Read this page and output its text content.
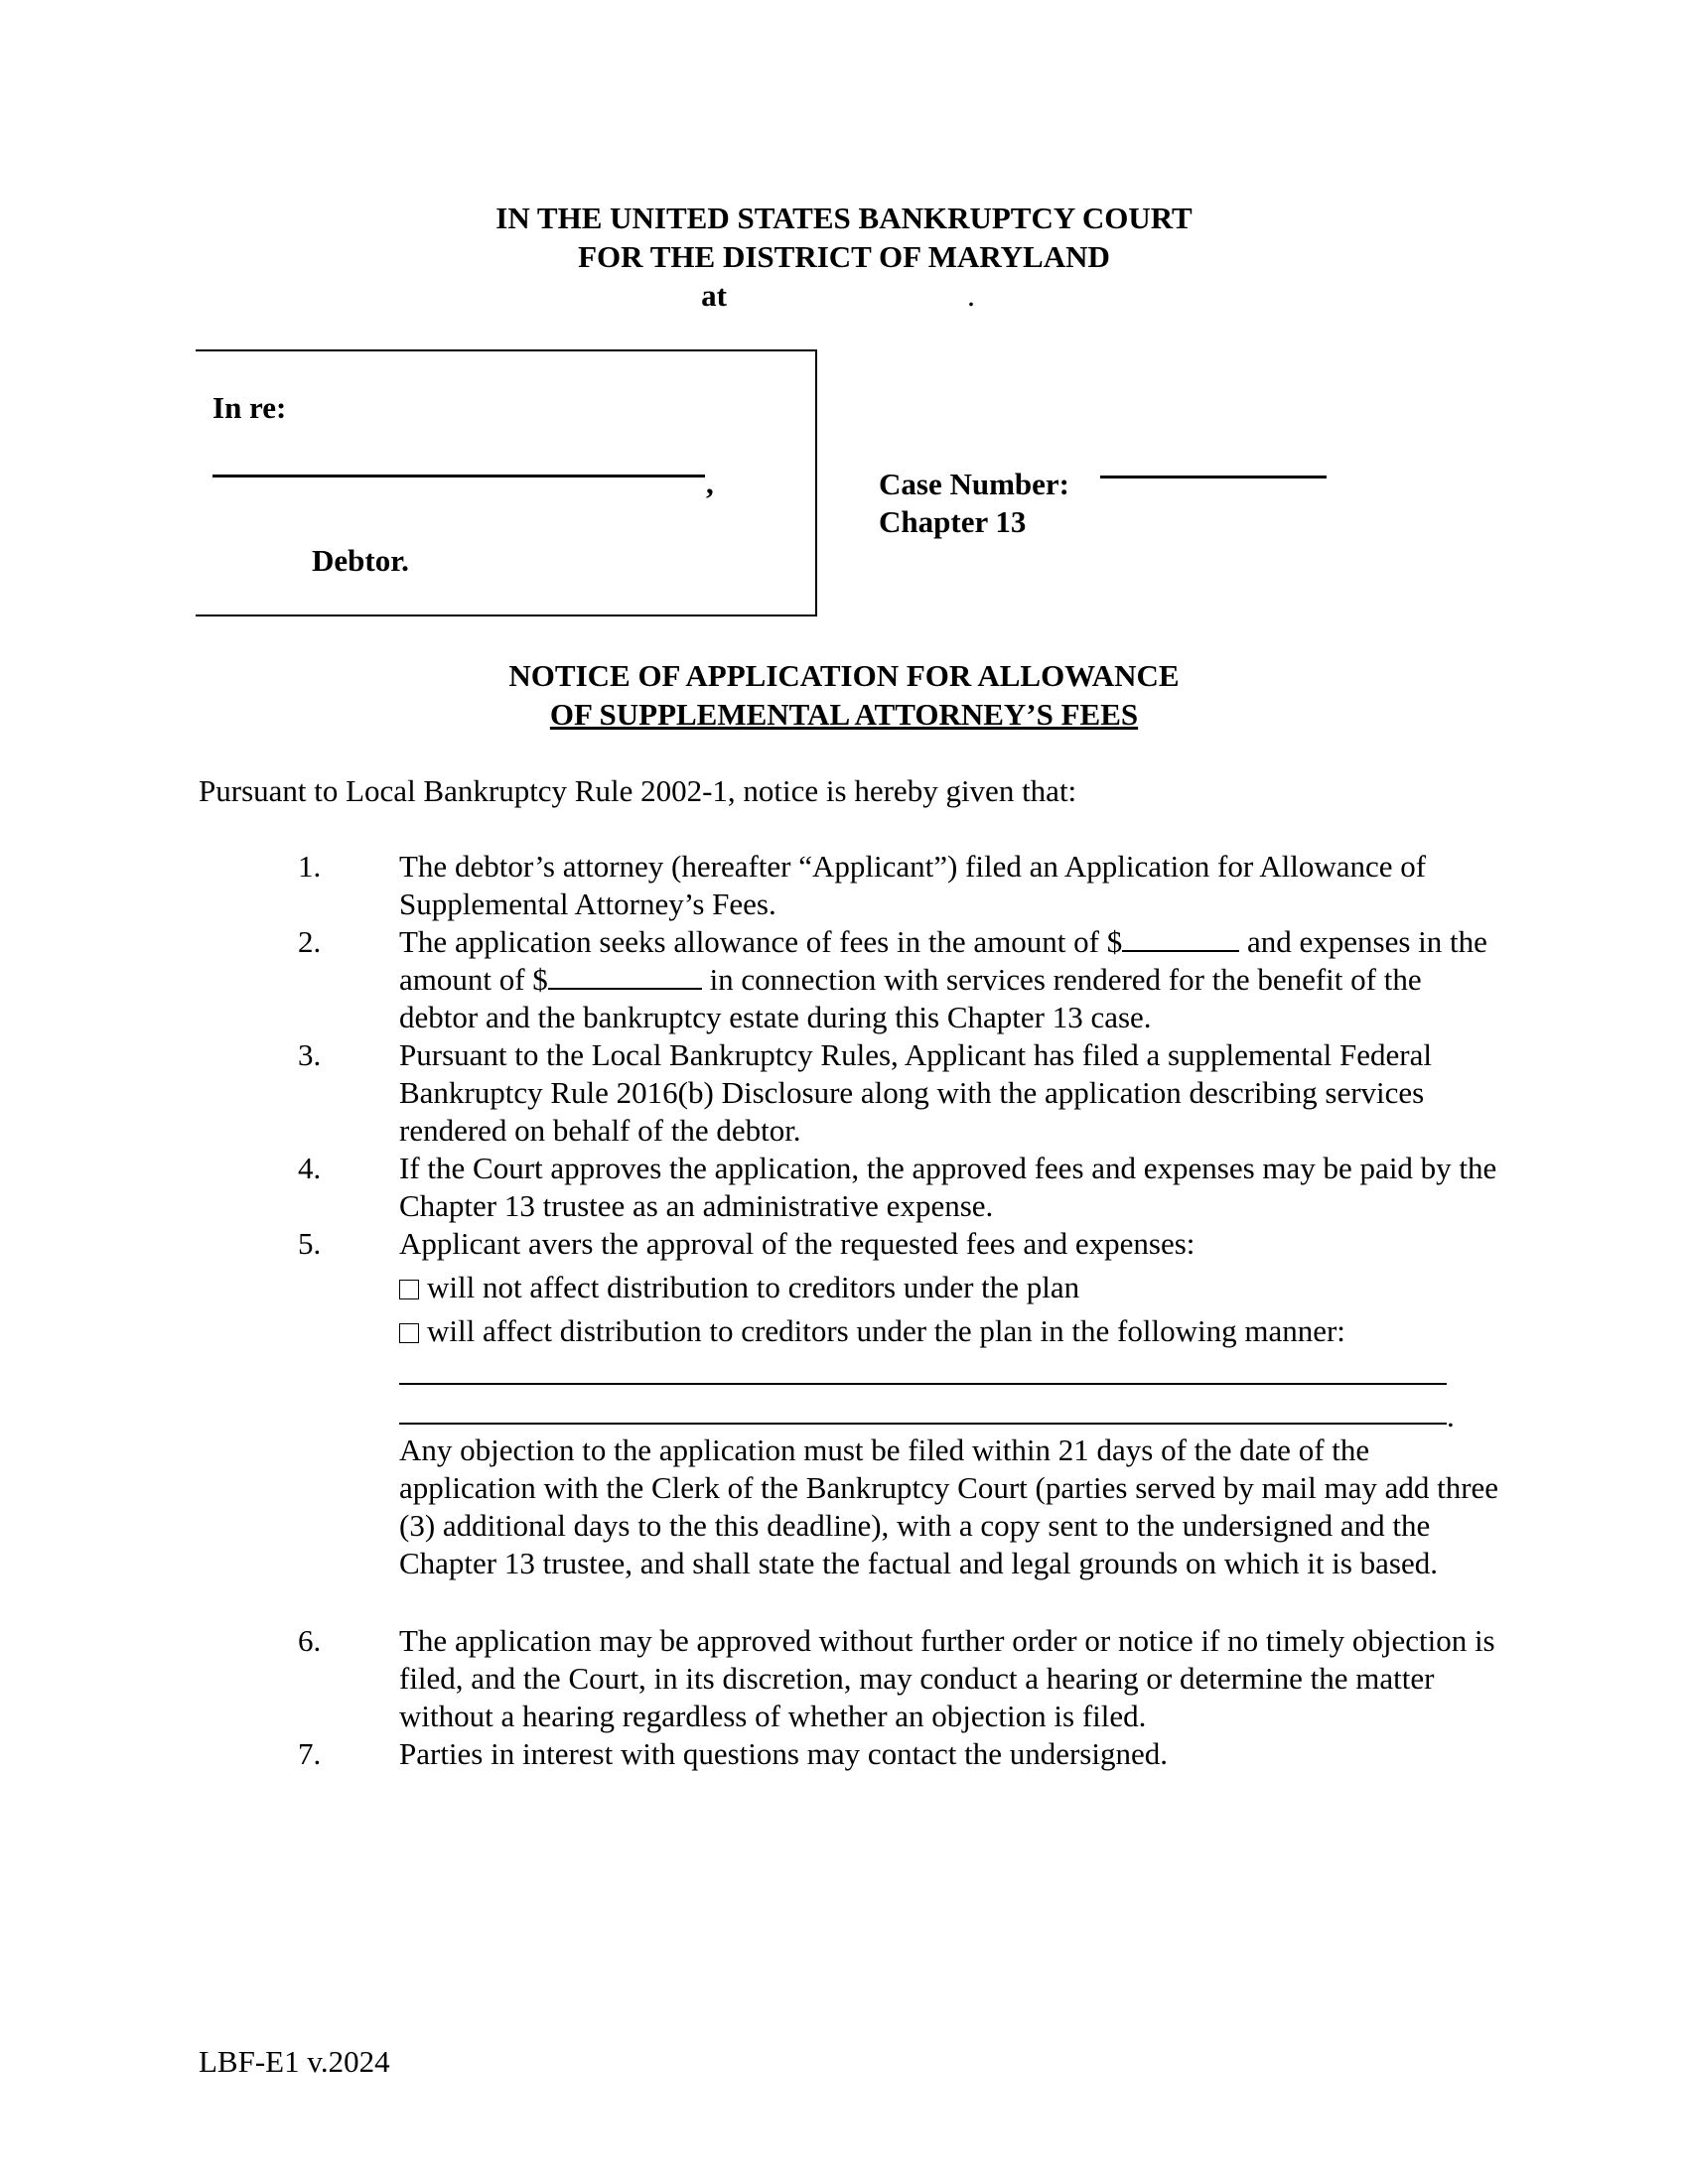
IN THE UNITED STATES BANKRUPTCY COURT
FOR THE DISTRICT OF MARYLAND
at	.
In re:
,
Debtor.
Case Number:
Chapter 13
NOTICE OF APPLICATION FOR ALLOWANCE
OF SUPPLEMENTAL ATTORNEY’S FEES
Pursuant to Local Bankruptcy Rule 2002-1, notice is hereby given that:
1.	The debtor’s attorney (hereafter “Applicant”) filed an Application for Allowance of Supplemental Attorney’s Fees.
2.	The application seeks allowance of fees in the amount of $	and expenses in the amount of $	in connection with services rendered for the benefit of the debtor and the bankruptcy estate during this Chapter 13 case.
3.	Pursuant to the Local Bankruptcy Rules, Applicant has filed a supplemental Federal Bankruptcy Rule 2016(b) Disclosure along with the application describing services rendered on behalf of the debtor.
4.	If the Court approves the application, the approved fees and expenses may be paid by the Chapter 13 trustee as an administrative expense.
5.	Applicant avers the approval of the requested fees and expenses:
will not affect distribution to creditors under the plan
will affect distribution to creditors under the plan in the following manner:
.
Any objection to the application must be filed within 21 days of the date of the application with the Clerk of the Bankruptcy Court (parties served by mail may add three (3) additional days to the this deadline), with a copy sent to the undersigned and the Chapter 13 trustee, and shall state the factual and legal grounds on which it is based.
6.	The application may be approved without further order or notice if no timely objection is filed, and the Court, in its discretion, may conduct a hearing or determine the matter without a hearing regardless of whether an objection is filed.
7.	Parties in interest with questions may contact the undersigned.
LBF-E1 v.2024
